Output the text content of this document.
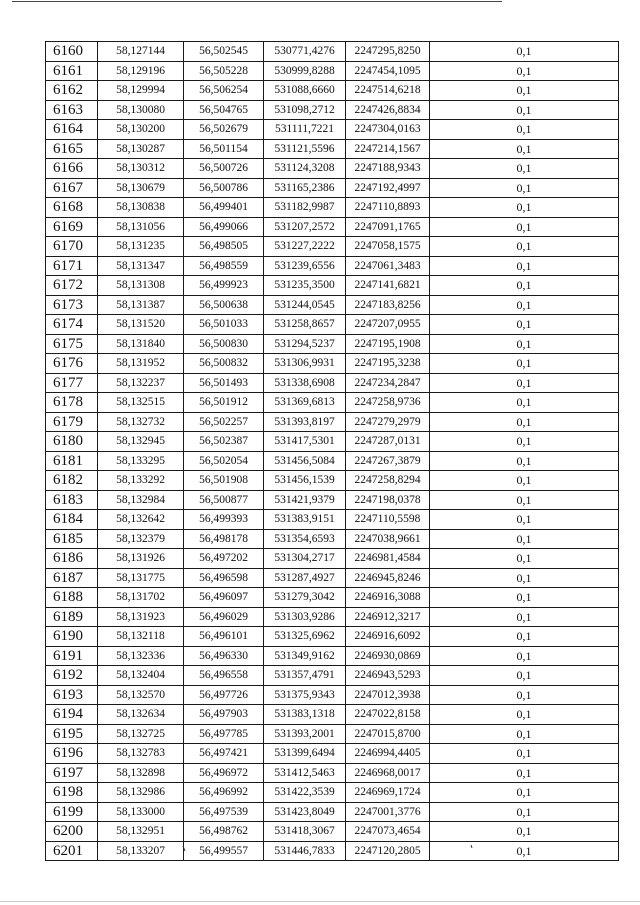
6160	58,127144	56,502545	530771,4276	2247295,8250	0,1
6161	58,129196	56,505228	530999,8288	2247454,1095	0,1
6162	58,129994	56,506254	531088,6660	2247514,6218	0,1
6163	58,130080	56,504765	531098,2712	2247426,8834	0,1
6164	58,130200	56,502679	531111,7221	2247304,0163	0,1
6165	58,130287	56,501154	531121,5596	2247214,1567	0,1
6166	58,130312	56,500726	531124,3208	2247188,9343	0,1
6167	58,130679	56,500786	531165,2386	2247192,4997	0,1
6168	58,130838	56,499401	531182,9987	2247110,8893	0,1
6169	58,131056	56,499066	531207,2572	2247091,1765	0,1
6170	58,131235	56,498505	531227,2222	2247058,1575	0,1
6171	58,131347	56,498559	531239,6556	2247061,3483	0,1
6172	58,131308	56,499923	531235,3500	2247141,6821	0,1
6173	58,131387	56,500638	531244,0545	2247183,8256	0,1
6174	58,131520	56,501033	531258,8657	2247207,0955	0,1
6175	58,131840	56,500830	531294,5237	2247195,1908	0,1
6176	58,131952	56,500832	531306,9931	2247195,3238	0,1
6177	58,132237	56,501493	531338,6908	2247234,2847	0,1
6178	58,132515	56,501912	531369,6813	2247258,9736	0,1
6179	58,132732	56,502257	531393,8197	2247279,2979	0,1
6180	58,132945	56,502387	531417,5301	2247287,0131	0,1
6181	58,133295	56,502054	531456,5084	2247267,3879	0,1
6182	58,133292	56,501908	531456,1539	2247258,8294	0,1
6183	58,132984	56,500877	531421,9379	2247198,0378	0,1
6184	58,132642	56,499393	531383,9151	2247110,5598	0,1
6185	58,132379	56,498178	531354,6593	2247038,9661	0,1
6186	58,131926	56,497202	531304,2717	2246981,4584	0,1
6187	58,131775	56,496598	531287,4927	2246945,8246	0,1
6188	58,131702	56,496097	531279,3042	2246916,3088	0,1
6189	58,131923	56,496029	531303,9286	2246912,3217	0,1
6190	58,132118	56,496101	531325,6962	2246916,6092	0,1
6191	58,132336	56,496330	531349,9162	2246930,0869	0,1
6192	58,132404	56,496558	531357,4791	2246943,5293	0,1
6193	58,132570	56,497726	531375,9343	2247012,3938	0,1
6194	58,132634	56,497903	531383,1318	2247022,8158	0,1
6195	58,132725	56,497785	531393,2001	2247015,8700	0,1
6196	58,132783	56,497421	531399,6494	2246994,4405	0,1
6197	58,132898	56,496972	531412,5463	2246968,0017	0,1
6198	58,132986	56,496992	531422,3539	2246969,1724	0,1
6199	58,133000	56,497539	531423,8049	2247001,3776	0,1
6200	58,132951	56,498762	531418,3067	2247073,4654	0,1
6201	58,133207	56,499557	531446,7833	2247120,2805	0,1
